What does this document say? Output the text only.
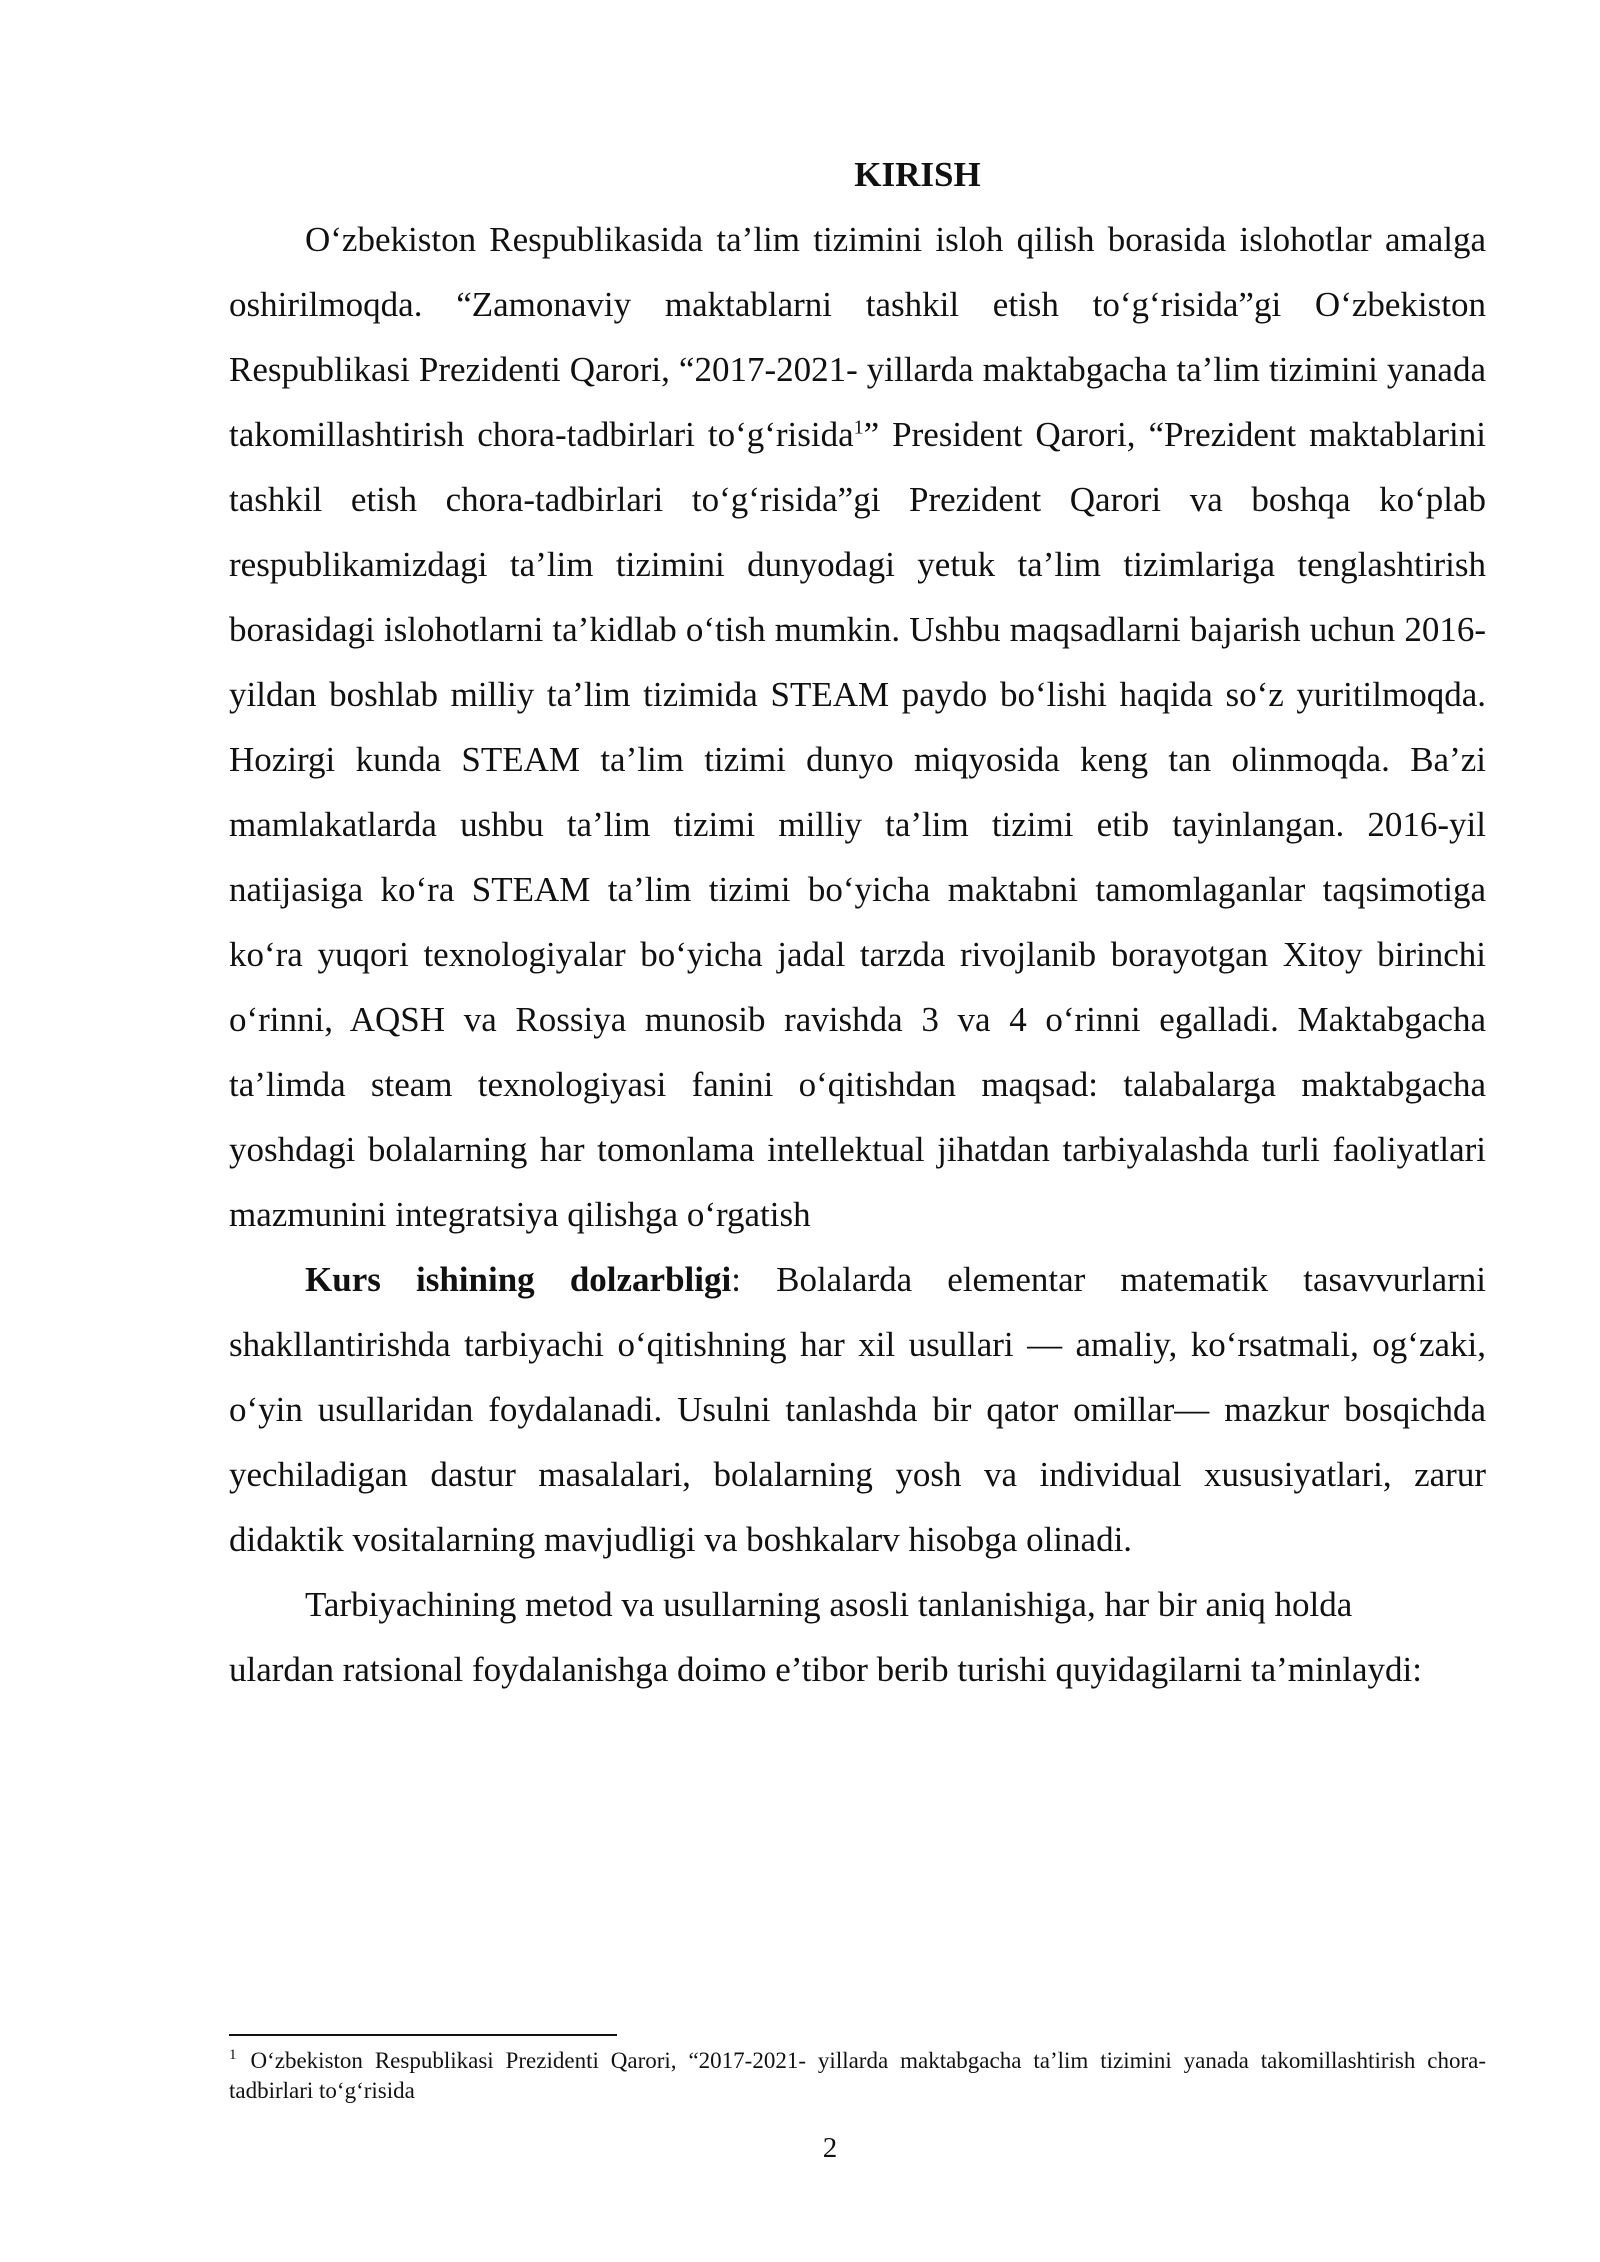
KIRISH

O‘zbekiston Respublikasida ta’lim tizimini isloh qilish borasida islohotlar amalga oshirilmoqda. “Zamonaviy maktablarni tashkil etish to‘g‘risida”gi O‘zbekiston Respublikasi Prezidenti Qarori, “2017-2021- yillarda maktabgacha ta’lim tizimini yanada takomillashtirish chora-tadbirlari to‘g‘risida$^1$” President Qarori, “Prezident maktablarini tashkil etish chora-tadbirlari to‘g‘risida”gi Prezident Qarori va boshqa ko‘plab respublikamizdagi ta’lim tizimini dunyodagi yetuk ta’lim tizimlariga tenglashtirish borasidagi islohotlarni ta’kidlab o‘tish mumkin. Ushbu maqsadlarni bajarish uchun 2016-yildan boshlab milliy ta’lim tizimida STEAM paydo bo‘lishi haqida so‘z yuritilmoqda. Hozirgi kunda STEAM ta’lim tizimi dunyo miqyosida keng tan olinmoqda. Ba’zi mamlakatlarda ushbu ta’lim tizimi milliy ta’lim tizimi etib tayinlangan. 2016-yil natijasiga ko‘ra STEAM ta’lim tizimi bo‘yicha maktabni tamomlaganlar taqsimotiga ko‘ra yuqori texnologiyalar bo‘yicha jadal tarzda rivojlanib borayotgan Xitoy birinchi o‘rinni, AQSH va Rossiya munosib ravishda 3 va 4 o‘rinni egalladi. Maktabgacha ta’limda steam texnologiyasi fanini o‘qitishdan maqsad: talabalarga maktabgacha yoshdagi bolalarning har tomonlama intellektual jihatdan tarbiyalashda turli faoliyatlari mazmunini integratsiya qilishga o‘rgatish

Kurs ishining dolzarbligi: Bolalarda elementar matematik tasavvurlarni shakllantirishda tarbiyachi o‘qitishning har xil usullari — amaliy, ko‘rsatmali, og‘zaki, o‘yin usullaridan foydalanadi. Usulni tanlashda bir qator omillar— mazkur bosqichda yechiladigan dastur masalalari, bolalarning yosh va individual xususiyatlari, zarur didaktik vositalarning mavjudligi va boshkalarv hisobga olinadi.

Tarbiyachining metod va usullarning asosli tanlanishiga, har bir aniq holda ulardan ratsional foydalanishga doimo e’tibor berib turishi quyidagilarni ta’minlaydi:

$^1$ O‘zbekiston Respublikasi Prezidenti Qarori, “2017-2021- yillarda maktabgacha ta’lim tizimini yanada takomillashtirish chora-tadbirlari to‘g‘risida
2
